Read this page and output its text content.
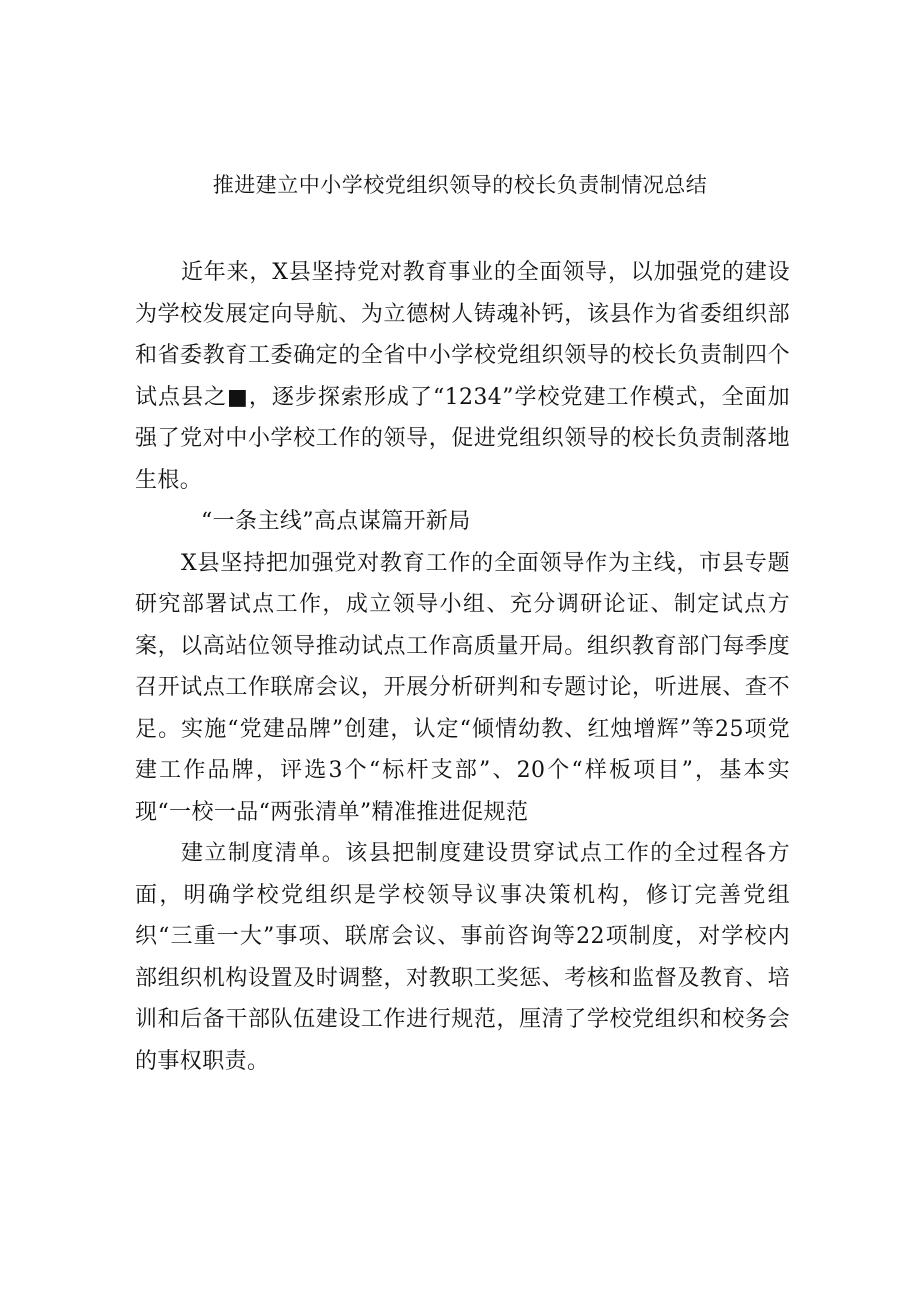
推进建立中小学校党组织领导的校长负责制情况总结

近年来，X县坚持党对教育事业的全面领导，以加强党的建设为学校发展定向导航、为立德树人铸魂补钙，该县作为省委组织部和省委教育工委确定的全省中小学校党组织领导的校长负责制四个试点县之■，逐步探索形成了“1234”学校党建工作模式，全面加强了党对中小学校工作的领导，促进党组织领导的校长负责制落地生根。

“一条主线”高点谋篇开新局

X县坚持把加强党对教育工作的全面领导作为主线，市县专题研究部署试点工作，成立领导小组、充分调研论证、制定试点方案，以高站位领导推动试点工作高质量开局。组织教育部门每季度召开试点工作联席会议，开展分析研判和专题讨论，听进展、查不足。实施“党建品牌”创建，认定“倾情幼教、红烛增辉”等25项党建工作品牌，评选3个“标杆支部”、20个“样板项目”，基本实现“一校一品“两张清单”精准推进促规范

建立制度清单。该县把制度建设贯穿试点工作的全过程各方面，明确学校党组织是学校领导议事决策机构，修订完善党组织“三重一大”事项、联席会议、事前咨询等22项制度，对学校内部组织机构设置及时调整，对教职工奖惩、考核和监督及教育、培训和后备干部队伍建设工作进行规范，厘清了学校党组织和校务会的事权职责。
